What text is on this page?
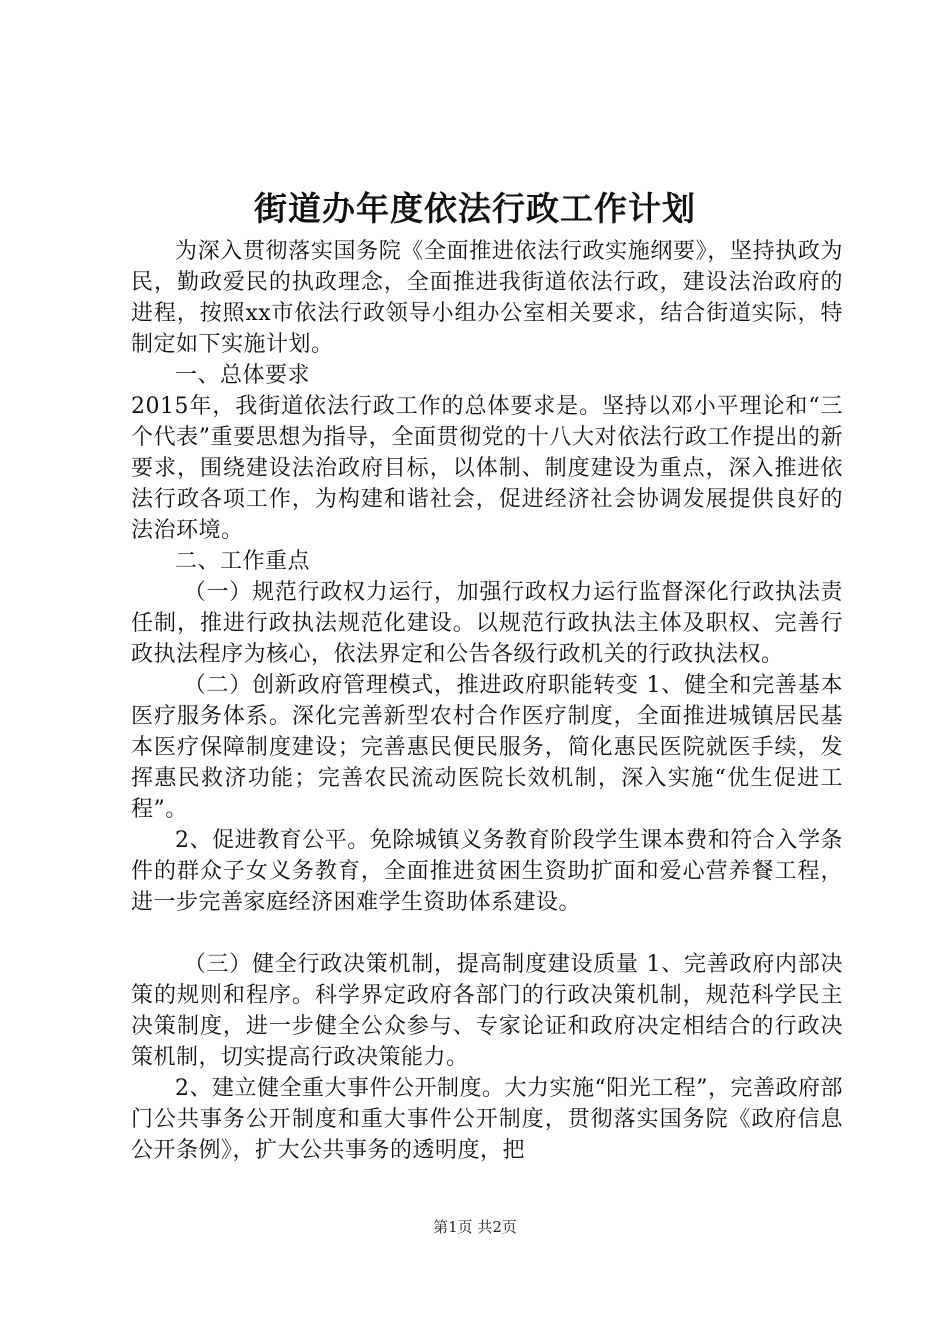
街道办年度依法行政工作计划

为深入贯彻落实国务院《全面推进依法行政实施纲要》，坚持执政为民，勤政爱民的执政理念，全面推进我街道依法行政，建设法治政府的进程，按照xx市依法行政领导小组办公室相关要求，结合街道实际，特制定如下实施计划。

一、总体要求

2015年，我街道依法行政工作的总体要求是。坚持以邓小平理论和“三个代表”重要思想为指导，全面贯彻党的十八大对依法行政工作提出的新要求，围绕建设法治政府目标，以体制、制度建设为重点，深入推进依法行政各项工作，为构建和谐社会，促进经济社会协调发展提供良好的法治环境。

二、工作重点

（一）规范行政权力运行，加强行政权力运行监督深化行政执法责任制，推进行政执法规范化建设。以规范行政执法主体及职权、完善行政执法程序为核心，依法界定和公告各级行政机关的行政执法权。

（二）创新政府管理模式，推进政府职能转变 1、健全和完善基本医疗服务体系。深化完善新型农村合作医疗制度，全面推进城镇居民基本医疗保障制度建设；完善惠民便民服务，简化惠民医院就医手续，发挥惠民救济功能；完善农民流动医院长效机制，深入实施“优生促进工程”。

2、促进教育公平。免除城镇义务教育阶段学生课本费和符合入学条件的群众子女义务教育，全面推进贫困生资助扩面和爱心营养餐工程，进一步完善家庭经济困难学生资助体系建设。

（三）健全行政决策机制，提高制度建设质量 1、完善政府内部决策的规则和程序。科学界定政府各部门的行政决策机制，规范科学民主决策制度，进一步健全公众参与、专家论证和政府决定相结合的行政决策机制，切实提高行政决策能力。

2、建立健全重大事件公开制度。大力实施“阳光工程”，完善政府部门公共事务公开制度和重大事件公开制度，贯彻落实国务院《政府信息公开条例》，扩大公共事务的透明度，把

第1页 共2页
